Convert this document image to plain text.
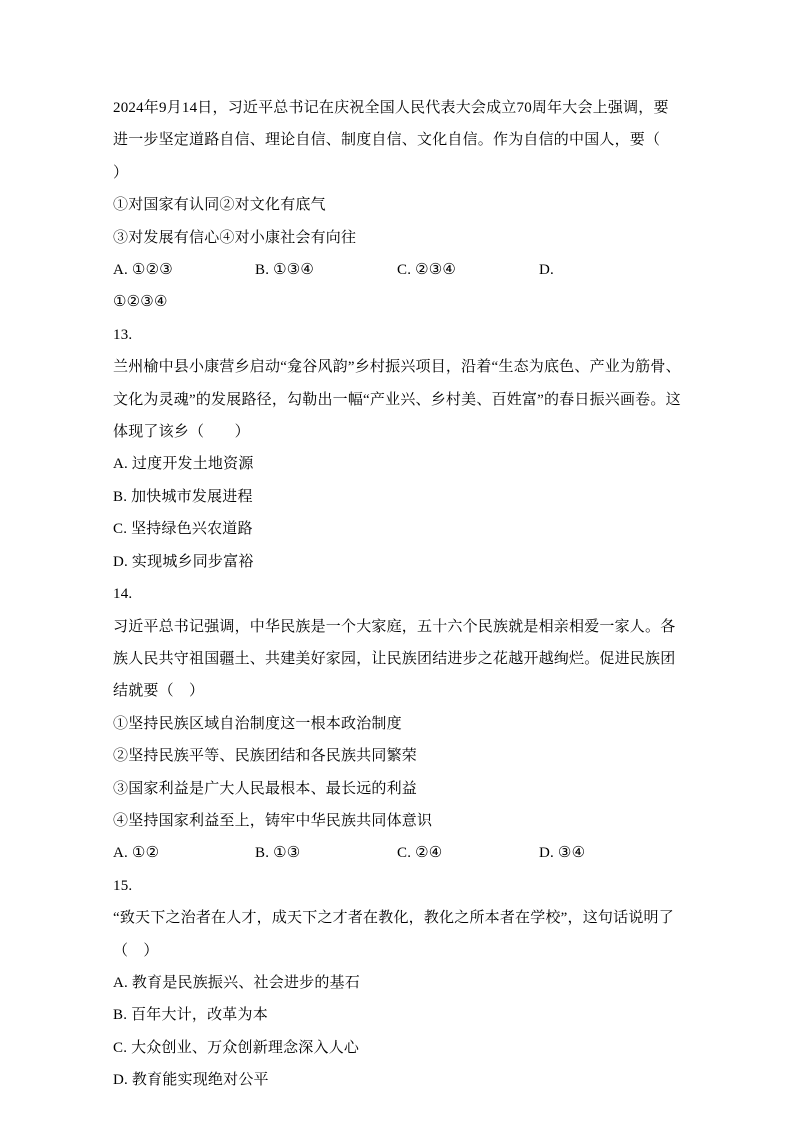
2024年9月14日，习近平总书记在庆祝全国人民代表大会成立70周年大会上强调，要进一步坚定道路自信、理论自信、制度自信、文化自信。作为自信的中国人，要（　　）

①对国家有认同②对文化有底气

③对发展有信心④对小康社会有向往

A. ①②③	B. ①③④	C. ②③④	D.

①②③④

13.

兰州榆中县小康营乡启动“龛谷风韵”乡村振兴项目，沿着“生态为底色、产业为筋骨、文化为灵魂”的发展路径，勾勒出一幅“产业兴、乡村美、百姓富”的春日振兴画卷。这体现了该乡（　　）

A. 过度开发土地资源

B. 加快城市发展进程

C. 坚持绿色兴农道路

D. 实现城乡同步富裕

14.

习近平总书记强调，中华民族是一个大家庭，五十六个民族就是相亲相爱一家人。各族人民共守祖国疆土、共建美好家园，让民族团结进步之花越开越绚烂。促进民族团结就要（　）

①坚持民族区域自治制度这一根本政治制度

②坚持民族平等、民族团结和各民族共同繁荣

③国家利益是广大人民最根本、最长远的利益

④坚持国家利益至上，铸牢中华民族共同体意识

A. ①②	B. ①③	C. ②④	D. ③④

15.

“致天下之治者在人才，成天下之才者在教化，教化之所本者在学校”，这句话说明了（　）

A. 教育是民族振兴、社会进步的基石

B. 百年大计，改革为本

C. 大众创业、万众创新理念深入人心

D. 教育能实现绝对公平
